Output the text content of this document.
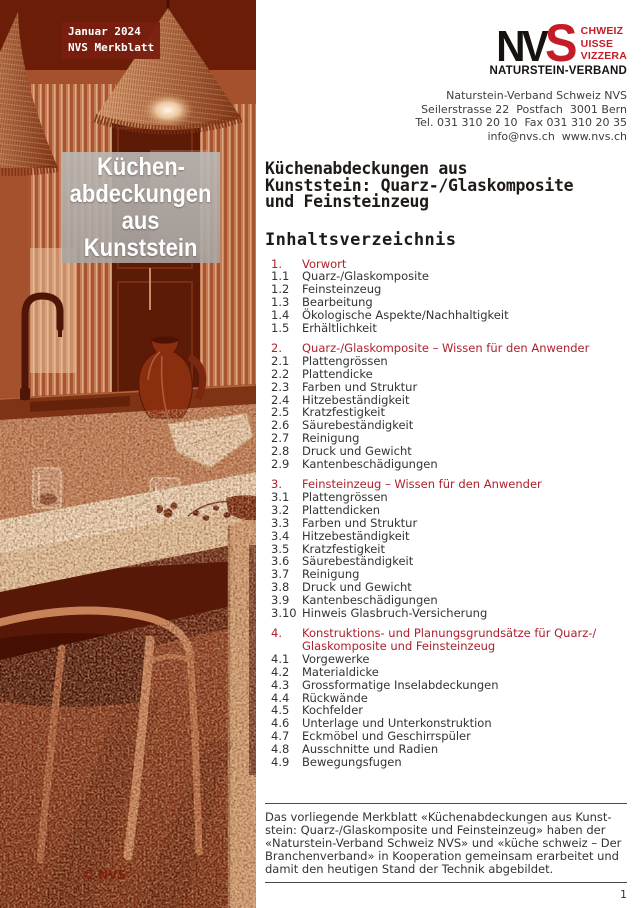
Januar 2024
NVS Merkblatt
Küchen-
abdeckungen
aus
Kunststein
© NVS
NV S CHWEIZ
UISSE
VIZZERA
NATURSTEIN-VERBAND
Naturstein-Verband Schweiz NVS
Seilerstrasse 22  Postfach  3001 Bern
Tel. 031 310 20 10  Fax 031 310 20 35
info@nvs.ch  www.nvs.ch
Küchenabdeckungen aus
Kunststein: Quarz-/Glaskomposite
und Feinsteinzeug
Inhaltsverzeichnis
1.	Vorwort
1.1	Quarz-/Glaskomposite
1.2	Feinsteinzeug
1.3	Bearbeitung
1.4	Ökologische Aspekte/Nachhaltigkeit
1.5	Erhältlichkeit
2.	Quarz-/Glaskomposite – Wissen für den Anwender
2.1	Plattengrössen
2.2	Plattendicke
2.3	Farben und Struktur
2.4	Hitzebeständigkeit
2.5	Kratzfestigkeit
2.6	Säurebeständigkeit
2.7	Reinigung
2.8	Druck und Gewicht
2.9	Kantenbeschädigungen
3.	Feinsteinzeug – Wissen für den Anwender
3.1	Plattengrössen
3.2	Plattendicken
3.3	Farben und Struktur
3.4	Hitzebeständigkeit
3.5	Kratzfestigkeit
3.6	Säurebeständigkeit
3.7	Reinigung
3.8	Druck und Gewicht
3.9	Kantenbeschädigungen
3.10 Hinweis Glasbruch-Versicherung
4.	Konstruktions- und Planungsgrundsätze für Quarz-/ Glaskomposite und Feinsteinzeug
4.1	Vorgewerke
4.2	Materialdicke
4.3	Grossformatige Inselabdeckungen
4.4	Rückwände
4.5	Kochfelder
4.6	Unterlage und Unterkonstruktion
4.7	Eckmöbel und Geschirrspüler
4.8	Ausschnitte und Radien
4.9	Bewegungsfugen
Das vorliegende Merkblatt «Küchenabdeckungen aus Kunst-
stein: Quarz-/Glaskomposite und Feinsteinzeug» haben der
«Naturstein-Verband Schweiz NVS» und «küche schweiz – Der
Branchenverband» in Kooperation gemeinsam erarbeitet und
damit den heutigen Stand der Technik abgebildet.
1
